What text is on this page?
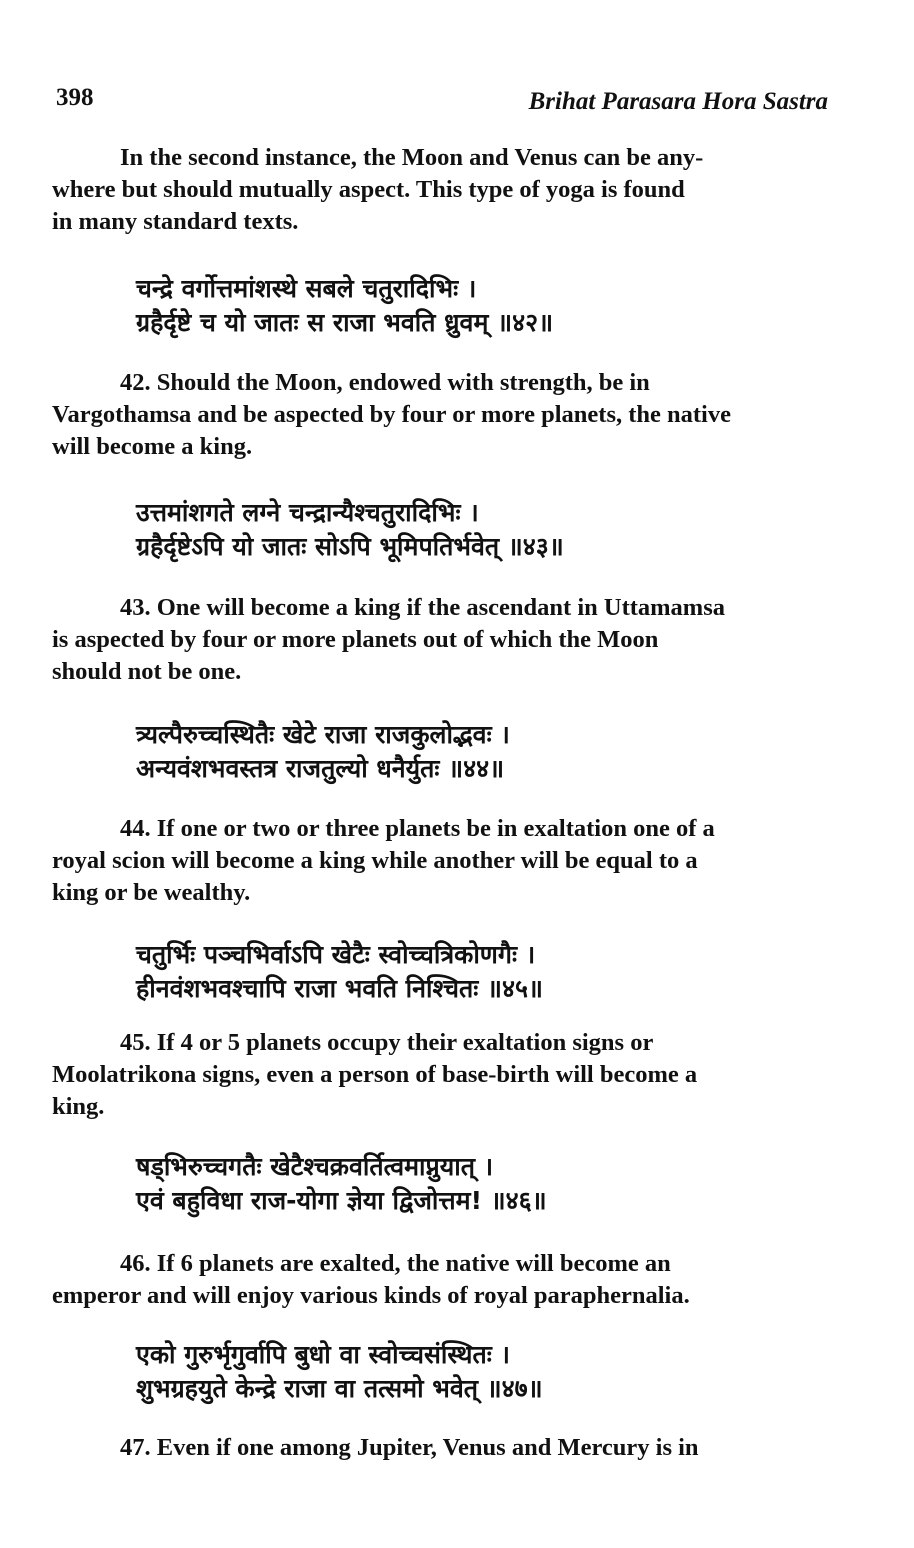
398	Brihat Parasara Hora Sastra

In the second instance, the Moon and Venus can be any-
where but should mutually aspect. This type of yoga is found
in many standard texts.

चन्द्रे वर्गोत्तमांशस्थे सबले चतुरादिभिः ।
ग्रहैर्दृष्टे च यो जातः स राजा भवति ध्रुवम् ॥४२॥

42. Should the Moon, endowed with strength, be in
Vargothamsa and be aspected by four or more planets, the native
will become a king.

उत्तमांशगते लग्ने चन्द्रान्यैश्चतुरादिभिः ।
ग्रहैर्दृष्टेऽपि यो जातः सोऽपि भूमिपतिर्भवेत् ॥४३॥

43. One will become a king if the ascendant in Uttamamsa
is aspected by four or more planets out of which the Moon
should not be one.

त्र्यल्पैरुच्चस्थितैः खेटे राजा राजकुलोद्भवः ।
अन्यवंशभवस्तत्र राजतुल्यो धनैर्युतः ॥४४॥

44. If one or two or three planets be in exaltation one of a
royal scion will become a king while another will be equal to a
king or be wealthy.

चतुर्भिः पञ्चभिर्वाऽपि खेटैः स्वोच्चत्रिकोणगैः ।
हीनवंशभवश्चापि राजा भवति निश्चितः ॥४५॥

45. If 4 or 5 planets occupy their exaltation signs or
Moolatrikona signs, even a person of base-birth will become a
king.

षड्भिरुच्चगतैः खेटैश्चक्रवर्तित्वमाप्नुयात् ।
एवं बहुविधा राज-योगा ज्ञेया द्विजोत्तम! ॥४६॥

46. If 6 planets are exalted, the native will become an
emperor and will enjoy various kinds of royal paraphernalia.

एको गुरुर्भृगुर्वापि बुधो वा स्वोच्चसंस्थितः ।
शुभग्रहयुते केन्द्रे राजा वा तत्समो भवेत् ॥४७॥

47. Even if one among Jupiter, Venus and Mercury is in
